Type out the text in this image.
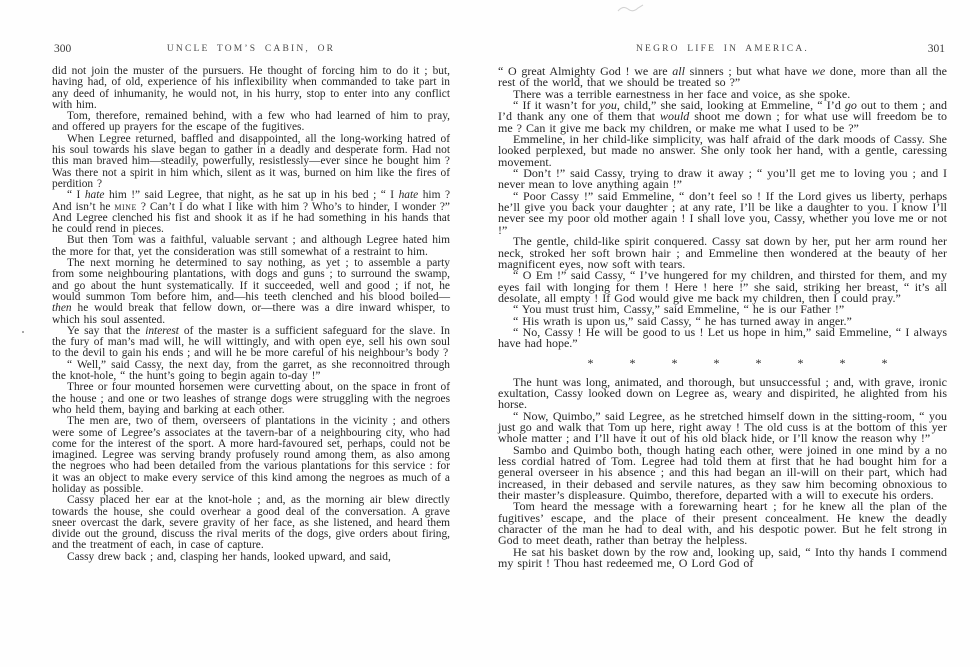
300	UNCLE TOM’S CABIN, OR

did not join the muster of the pursuers. He thought of forcing him to do it ; but, having had, of old, experience of his inflexibility when commanded to take part in any deed of inhumanity, he would not, in his hurry, stop to enter into any conflict with him.

Tom, therefore, remained behind, with a few who had learned of him to pray, and offered up prayers for the escape of the fugitives.

When Legree returned, baffled and disappointed, all the long-working hatred of his soul towards his slave began to gather in a deadly and desperate form. Had not this man braved him—steadily, powerfully, resistlessly—ever since he bought him ? Was there not a spirit in him which, silent as it was, burned on him like the fires of perdition ?

“ I hate him !” said Legree, that night, as he sat up in his bed ; “ I hate him ? And isn’t he mine ? Can’t I do what I like with him ? Who’s to hinder, I wonder ?” And Legree clenched his fist and shook it as if he had something in his hands that he could rend in pieces.

But then Tom was a faithful, valuable servant ; and although Legree hated him the more for that, yet the consideration was still somewhat of a restraint to him.

The next morning he determined to say nothing, as yet ; to assemble a party from some neighbouring plantations, with dogs and guns ; to surround the swamp, and go about the hunt systematically. If it succeeded, well and good ; if not, he would summon Tom before him, and—his teeth clenched and his blood boiled—then he would break that fellow down, or—there was a dire inward whisper, to which his soul assented.

Ye say that the interest of the master is a sufficient safeguard for the slave. In the fury of man’s mad will, he will wittingly, and with open eye, sell his own soul to the devil to gain his ends ; and will he be more careful of his neighbour’s body ?

“ Well,” said Cassy, the next day, from the garret, as she reconnoitred through the knot-hole, “ the hunt’s going to begin again to-day !”

Three or four mounted horsemen were curvetting about, on the space in front of the house ; and one or two leashes of strange dogs were struggling with the negroes who held them, baying and barking at each other.

The men are, two of them, overseers of plantations in the vicinity ; and others were some of Legree’s associates at the tavern-bar of a neighbouring city, who had come for the interest of the sport. A more hard-favoured set, perhaps, could not be imagined. Legree was serving brandy profusely round among them, as also among the negroes who had been detailed from the various plantations for this service : for it was an object to make every service of this kind among the negroes as much of a holiday as possible.

Cassy placed her ear at the knot-hole ; and, as the morning air blew directly towards the house, she could overhear a good deal of the conversation. A grave sneer overcast the dark, severe gravity of her face, as she listened, and heard them divide out the ground, discuss the rival merits of the dogs, give orders about firing, and the treatment of each, in case of capture.

Cassy drew back ; and, clasping her hands, looked upward, and said,

NEGRO LIFE IN AMERICA.	301

“ O great Almighty God ! we are all sinners ; but what have we done, more than all the rest of the world, that we should be treated so ?”

There was a terrible earnestness in her face and voice, as she spoke.

“ If it wasn’t for you, child,” she said, looking at Emmeline, “ I’d go out to them ; and I’d thank any one of them that would shoot me down ; for what use will freedom be to me ? Can it give me back my children, or make me what I used to be ?”

Emmeline, in her child-like simplicity, was half afraid of the dark moods of Cassy. She looked perplexed, but made no answer. She only took her hand, with a gentle, caressing movement.

“ Don’t !” said Cassy, trying to draw it away ; “ you’ll get me to loving you ; and I never mean to love anything again !”

“ Poor Cassy !” said Emmeline, “ don’t feel so ! If the Lord gives us liberty, perhaps he’ll give you back your daughter ; at any rate, I’ll be like a daughter to you. I know I’ll never see my poor old mother again ! I shall love you, Cassy, whether you love me or not !”

The gentle, child-like spirit conquered. Cassy sat down by her, put her arm round her neck, stroked her soft brown hair ; and Emmeline then wondered at the beauty of her magnificent eyes, now soft with tears.

“ O Em !” said Cassy, “ I’ve hungered for my children, and thirsted for them, and my eyes fail with longing for them ! Here ! here !” she said, striking her breast, “ it’s all desolate, all empty ! If God would give me back my children, then I could pray.”

“ You must trust him, Cassy,” said Emmeline, “ he is our Father !”

“ His wrath is upon us,” said Cassy, “ he has turned away in anger.”

“ No, Cassy ! He will be good to us ! Let us hope in him,” said Emmeline, “ I always have had hope.”

* * * * * * * *

The hunt was long, animated, and thorough, but unsuccessful ; and, with grave, ironic exultation, Cassy looked down on Legree as, weary and dispirited, he alighted from his horse.

“ Now, Quimbo,” said Legree, as he stretched himself down in the sitting-room, “ you just go and walk that Tom up here, right away ! The old cuss is at the bottom of this yer whole matter ; and I’ll have it out of his old black hide, or I’ll know the reason why !”

Sambo and Quimbo both, though hating each other, were joined in one mind by a no less cordial hatred of Tom. Legree had told them at first that he had bought him for a general overseer in his absence ; and this had began an ill-will on their part, which had increased, in their debased and servile natures, as they saw him becoming obnoxious to their master’s displeasure. Quimbo, therefore, departed with a will to execute his orders.

Tom heard the message with a forewarning heart ; for he knew all the plan of the fugitives’ escape, and the place of their present concealment. He knew the deadly character of the man he had to deal with, and his despotic power. But he felt strong in God to meet death, rather than betray the helpless.

He sat his basket down by the row and, looking up, said, “ Into thy hands I commend my spirit ! Thou hast redeemed me, O Lord God of
